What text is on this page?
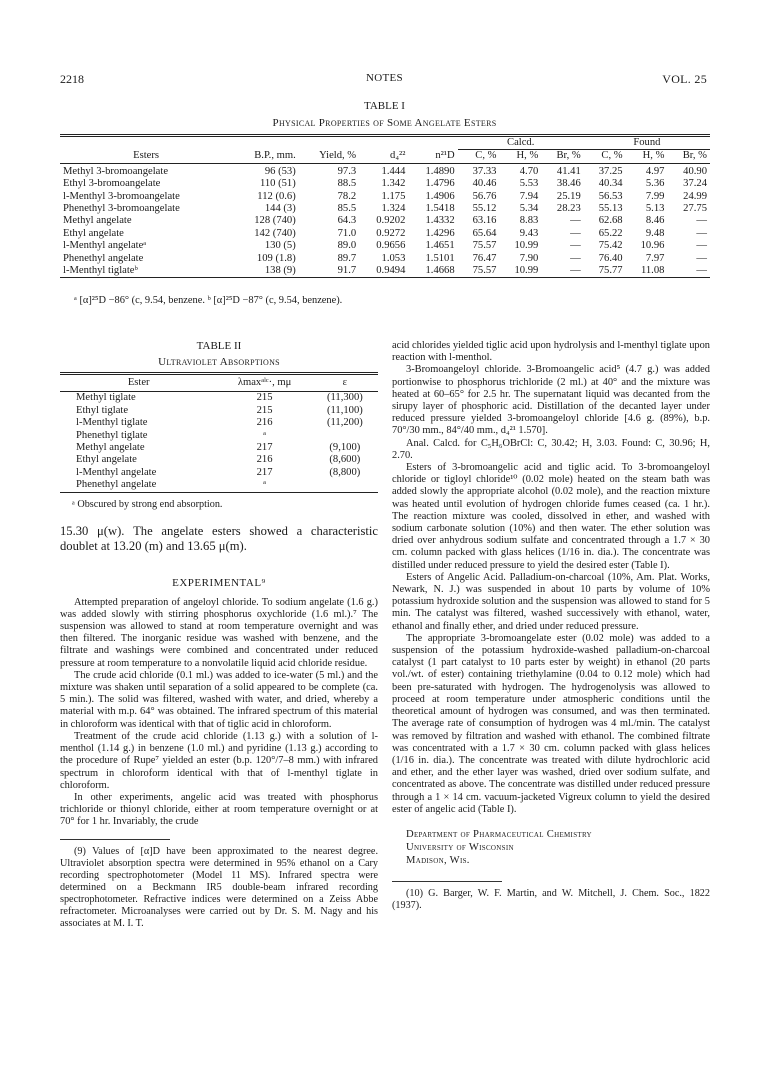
2218	NOTES	VOL. 25
TABLE I
Physical Properties of Some Angelate Esters
					Calcd.			Found		
Esters	B.P., mm.	Yield, %	d₄²²	n²¹D	C, %	H, %	Br, %	C, %	H, %	Br, %
Methyl 3-bromoangelate	96 (53)	97.3	1.444	1.4890	37.33	4.70	41.41	37.25	4.97	40.90
Ethyl 3-bromoangelate	110 (51)	88.5	1.342	1.4796	40.46	5.53	38.46	40.34	5.36	37.24
l-Menthyl 3-bromoangelate	112 (0.6)	78.2	1.175	1.4906	56.76	7.94	25.19	56.53	7.99	24.99
Phenethyl 3-bromoangelate	144 (3)	85.5	1.324	1.5418	55.12	5.34	28.23	55.13	5.13	27.75
Methyl angelate	128 (740)	64.3	0.9202	1.4332	63.16	8.83	—	62.68	8.46	—
Ethyl angelate	142 (740)	71.0	0.9272	1.4296	65.64	9.43	—	65.22	9.48	—
l-Menthyl angelateᵃ	130 (5)	89.0	0.9656	1.4651	75.57	10.99	—	75.42	10.96	—
Phenethyl angelate	109 (1.8)	89.7	1.053	1.5101	76.47	7.90	—	76.40	7.97	—
l-Menthyl tiglateᵇ	138 (9)	91.7	0.9494	1.4668	75.57	10.99	—	75.77	11.08	—
ᵃ [α]²⁵D −86° (c, 9.54, benzene. ᵇ [α]²⁵D −87° (c, 9.54, benzene).
TABLE II
Ultraviolet Absorptions
Ester	λmaxᵃˡᶜ·, mμ	ε
Methyl tiglate	215	(11,300)
Ethyl tiglate	215	(11,100)
l-Menthyl tiglate	216	(11,200)
Phenethyl tiglate	ᵃ	
Methyl angelate	217	(9,100)
Ethyl angelate	216	(8,600)
l-Menthyl angelate	217	(8,800)
Phenethyl angelate	ᵃ	
ᵃ Obscured by strong end absorption.
15.30 μ(w). The angelate esters showed a characteristic doublet at 13.20 (m) and 13.65 μ(m).
EXPERIMENTAL⁹

Attempted preparation of angeloyl chloride. To sodium angelate (1.6 g.) was added slowly with stirring phosphorus oxychloride (1.6 ml.).⁷ The suspension was allowed to stand at room temperature overnight and was then filtered. The inorganic residue was washed with benzene, and the filtrate and washings were combined and concentrated under reduced pressure at room temperature to a nonvolatile liquid acid chloride residue.

The crude acid chloride (0.1 ml.) was added to ice-water (5 ml.) and the mixture was shaken until separation of a solid appeared to be complete (ca. 5 min.). The solid was filtered, washed with water, and dried, whereby a material with m.p. 64° was obtained. The infrared spectrum of this material in chloroform was identical with that of tiglic acid in chloroform.

Treatment of the crude acid chloride (1.13 g.) with a solution of l-menthol (1.14 g.) in benzene (1.0 ml.) and pyridine (1.13 g.) according to the procedure of Rupe⁷ yielded an ester (b.p. 120°/7–8 mm.) with infrared spectrum in chloroform identical with that of l-menthyl tiglate in chloroform.

In other experiments, angelic acid was treated with phosphorus trichloride or thionyl chloride, either at room temperature overnight or at 70° for 1 hr. Invariably, the crude

(9) Values of [α]D have been approximated to the nearest degree. Ultraviolet absorption spectra were determined in 95% ethanol on a Cary recording spectrophotometer (Model 11 MS). Infrared spectra were determined on a Beckmann IR5 double-beam infrared recording spectrophotometer. Refractive indices were determined on a Zeiss Abbe refractometer. Microanalyses were carried out by Dr. S. M. Nagy and his associates at M. I. T.

acid chlorides yielded tiglic acid upon hydrolysis and l-menthyl tiglate upon reaction with l-menthol.

3-Bromoangeloyl chloride. 3-Bromoangelic acid⁵ (4.7 g.) was added portionwise to phosphorus trichloride (2 ml.) at 40° and the mixture was heated at 60–65° for 2.5 hr. The supernatant liquid was decanted from the sirupy layer of phosphoric acid. Distillation of the decanted layer under reduced pressure yielded 3-bromoangeloyl chloride [4.6 g. (89%), b.p. 70°/30 mm., 84°/40 mm., d₄²¹ 1.570].

Anal. Calcd. for C₅H₆OBrCl: C, 30.42; H, 3.03. Found: C, 30.96; H, 2.70.

Esters of 3-bromoangelic acid and tiglic acid. To 3-bromoangeloyl chloride or tigloyl chloride¹⁰ (0.02 mole) heated on the steam bath was added slowly the appropriate alcohol (0.02 mole), and the reaction mixture was heated until evolution of hydrogen chloride fumes ceased (ca. 1 hr.). The reaction mixture was cooled, dissolved in ether, and washed with sodium carbonate solution (10%) and then water. The ether solution was dried over anhydrous sodium sulfate and concentrated through a 1.7 × 30 cm. column packed with glass helices (1/16 in. dia.). The concentrate was distilled under reduced pressure to yield the desired ester (Table I).

Esters of Angelic Acid. Palladium-on-charcoal (10%, Am. Plat. Works, Newark, N. J.) was suspended in about 10 parts by volume of 10% potassium hydroxide solution and the suspension was allowed to stand for 5 min. The catalyst was filtered, washed successively with ethanol, water, ethanol and finally ether, and dried under reduced pressure.

The appropriate 3-bromoangelate ester (0.02 mole) was added to a suspension of the potassium hydroxide-washed palladium-on-charcoal catalyst (1 part catalyst to 10 parts ester by weight) in ethanol (20 parts vol./wt. of ester) containing triethylamine (0.04 to 0.12 mole) which had been pre-saturated with hydrogen. The hydrogenolysis was allowed to proceed at room temperature under atmospheric conditions until the theoretical amount of hydrogen was consumed, and was then terminated. The average rate of consumption of hydrogen was 4 ml./min. The catalyst was removed by filtration and washed with ethanol. The combined filtrate was concentrated with a 1.7 × 30 cm. column packed with glass helices (1/16 in. dia.). The concentrate was treated with dilute hydrochloric acid and ether, and the ether layer was washed, dried over sodium sulfate, and concentrated as above. The concentrate was distilled under reduced pressure through a 1 × 14 cm. vacuum-jacketed Vigreux column to yield the desired ester of angelic acid (Table I).

Department of Pharmaceutical Chemistry
University of Wisconsin
Madison, Wis.
(10) G. Barger, W. F. Martin, and W. Mitchell, J. Chem. Soc., 1822 (1937).
